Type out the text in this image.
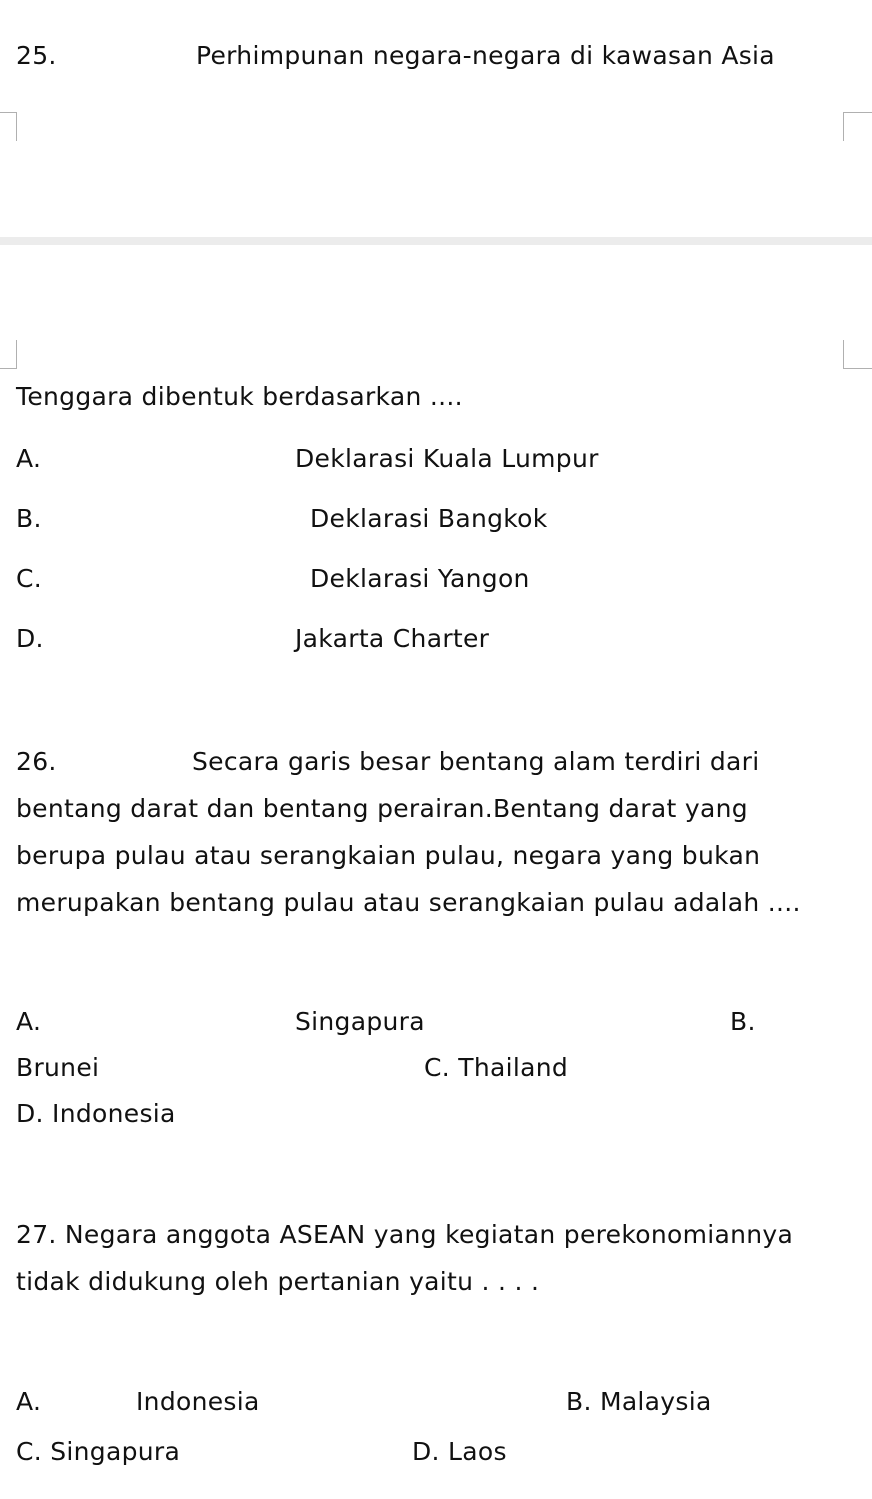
25.	Perhimpunan negara-negara di kawasan Asia
Tenggara dibentuk berdasarkan ....
A.	Deklarasi Kuala Lumpur
B.	Deklarasi Bangkok
C.	Deklarasi Yangon
D.	Jakarta Charter
26.	Secara garis besar bentang alam terdiri dari
bentang darat dan bentang perairan.Bentang darat yang
berupa pulau atau serangkaian pulau, negara yang bukan
merupakan bentang pulau atau serangkaian pulau adalah ....
A.	Singapura	B.
Brunei	C. Thailand
D. Indonesia
27. Negara anggota ASEAN yang kegiatan perekonomiannya
tidak didukung oleh pertanian yaitu . . . .
A.	Indonesia	B. Malaysia
C. Singapura	D. Laos
